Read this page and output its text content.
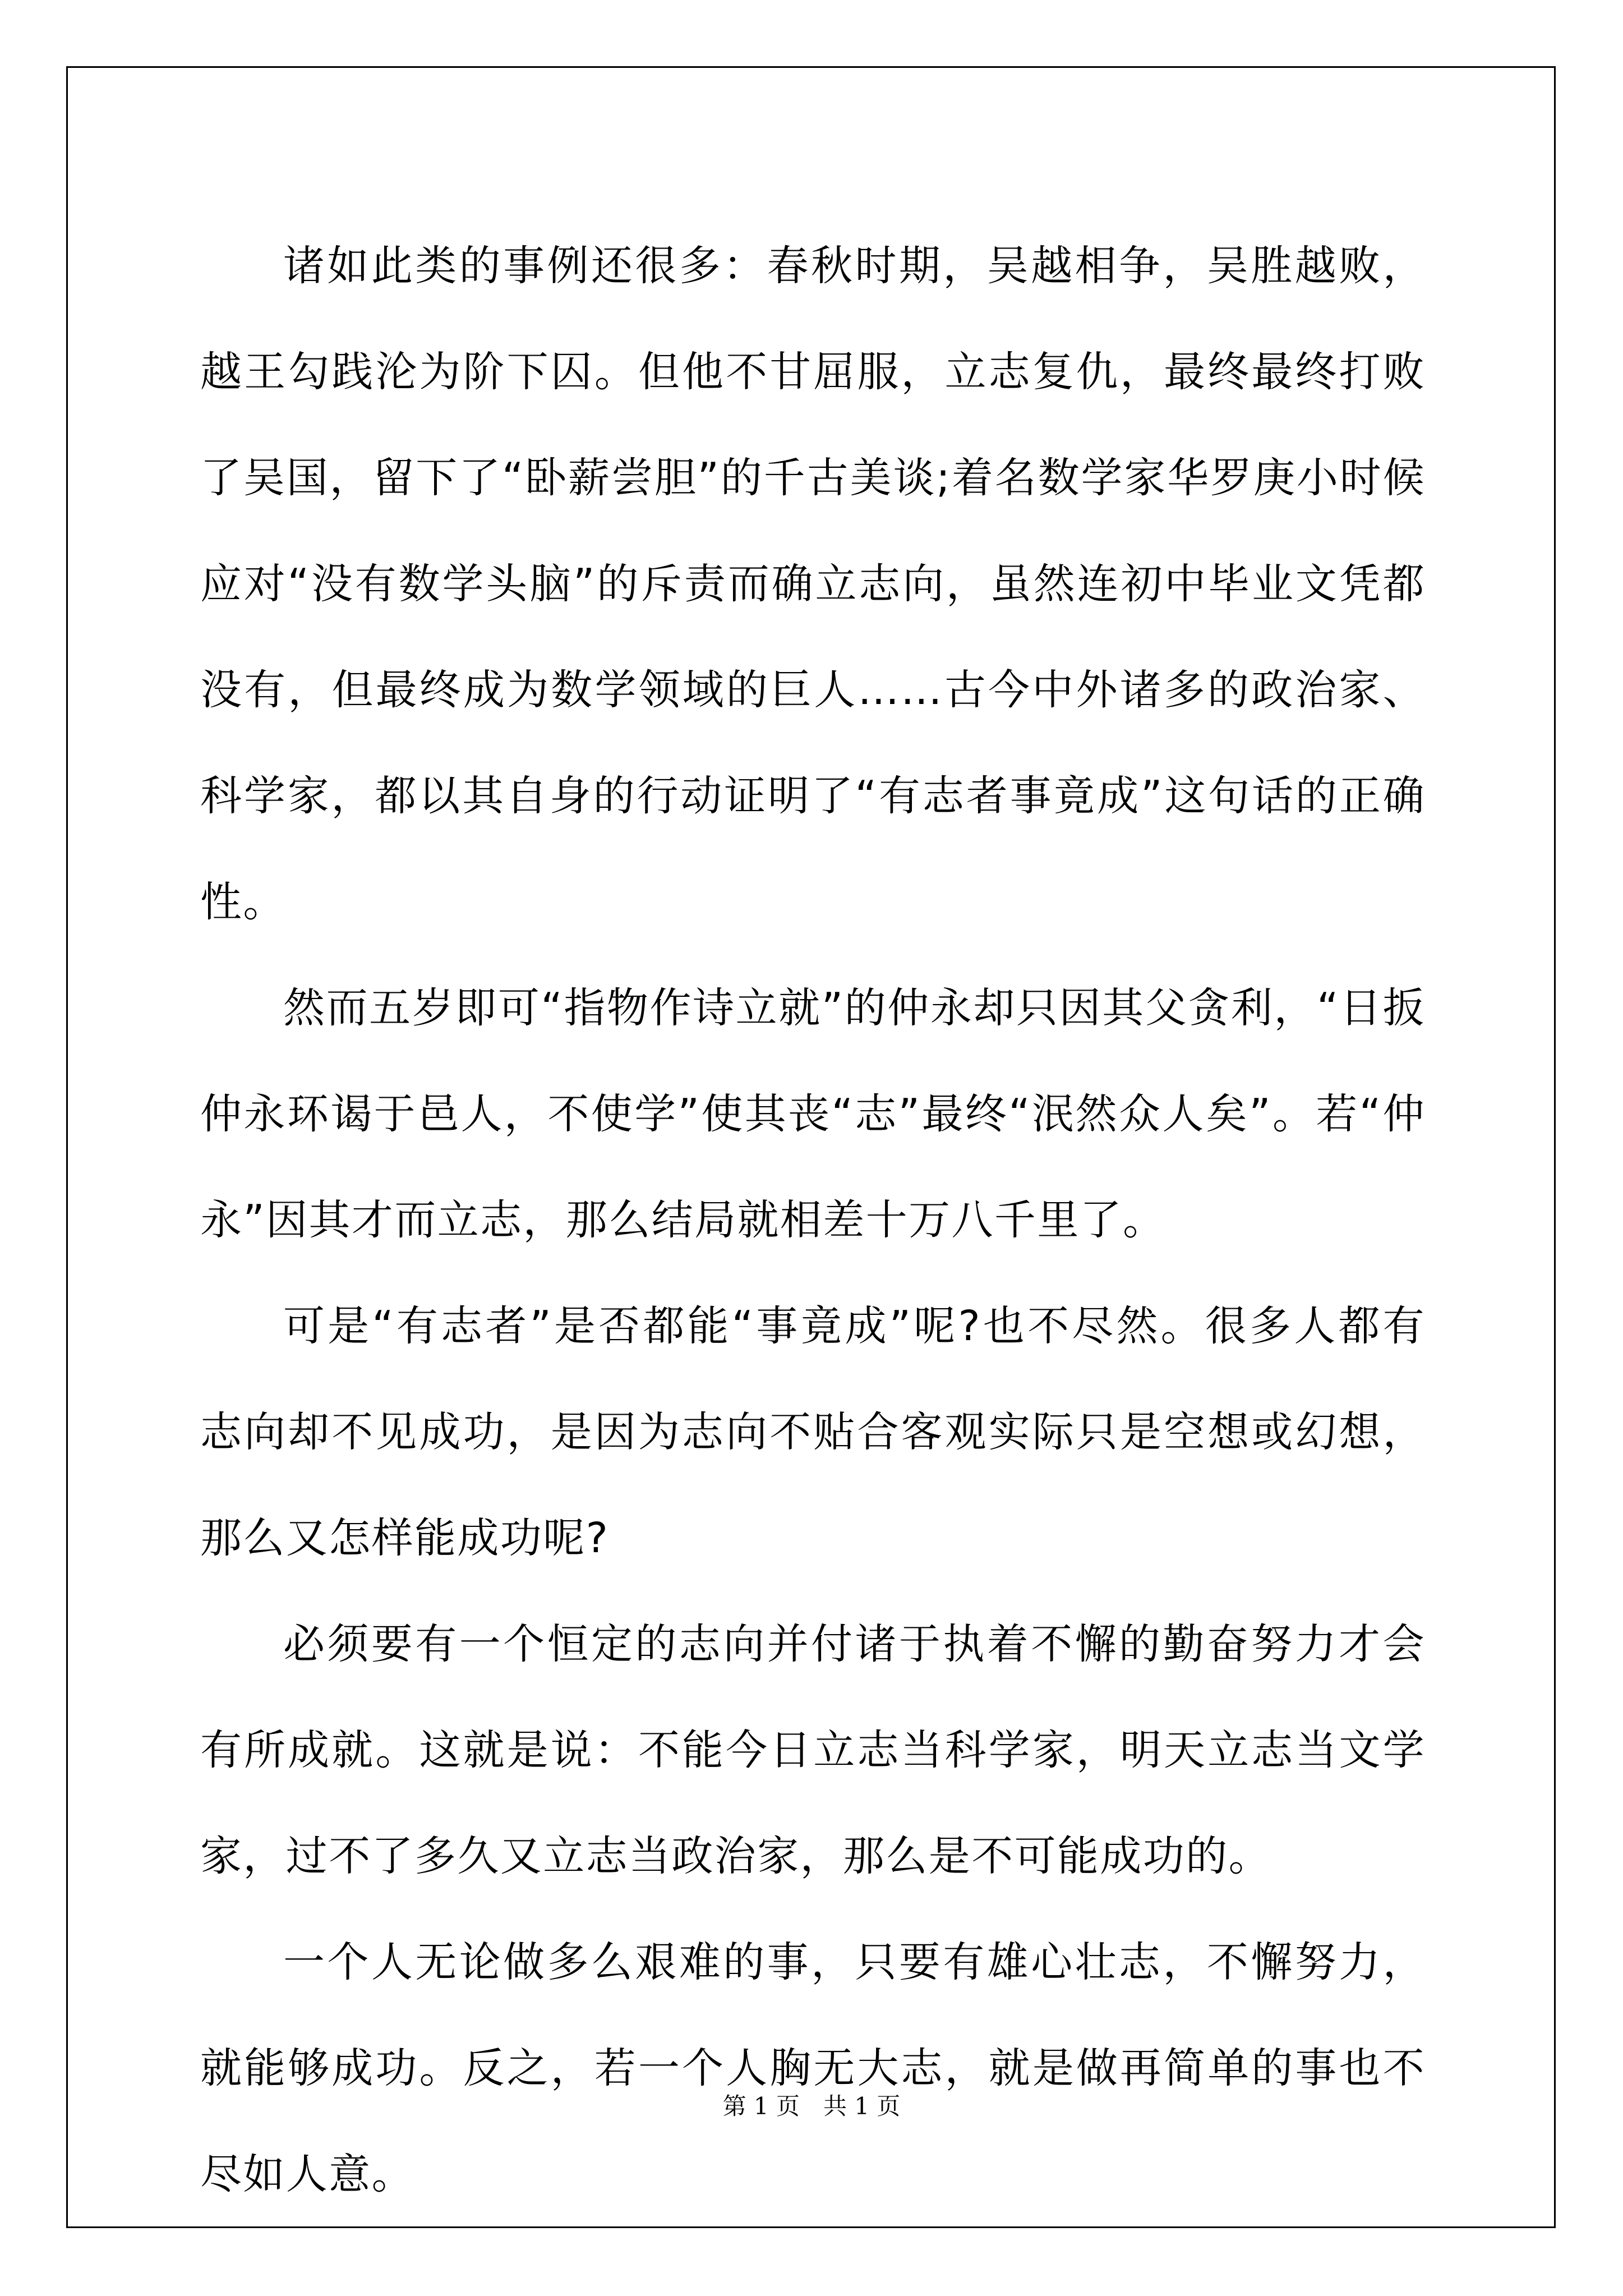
诸如此类的事例还很多：春秋时期，吴越相争，吴胜越败，越王勾践沦为阶下囚。但他不甘屈服，立志复仇，最终最终打败了吴国，留下了“卧薪尝胆”的千古美谈;着名数学家华罗庚小时候应对“没有数学头脑”的斥责而确立志向，虽然连初中毕业文凭都没有，但最终成为数学领域的巨人……古今中外诸多的政治家、科学家，都以其自身的行动证明了“有志者事竟成”这句话的正确性。

然而五岁即可“指物作诗立就”的仲永却只因其父贪利，“日扳仲永环谒于邑人，不使学”使其丧“志”最终“泯然众人矣”。若“仲永”因其才而立志，那么结局就相差十万八千里了。

可是“有志者”是否都能“事竟成”呢?也不尽然。很多人都有志向却不见成功，是因为志向不贴合客观实际只是空想或幻想，那么又怎样能成功呢?

必须要有一个恒定的志向并付诸于执着不懈的勤奋努力才会有所成就。这就是说：不能今日立志当科学家，明天立志当文学家，过不了多久又立志当政治家，那么是不可能成功的。

一个人无论做多么艰难的事，只要有雄心壮志，不懈努力，就能够成功。反之，若一个人胸无大志，就是做再简单的事也不尽如人意。

第 1 页　共 1 页
